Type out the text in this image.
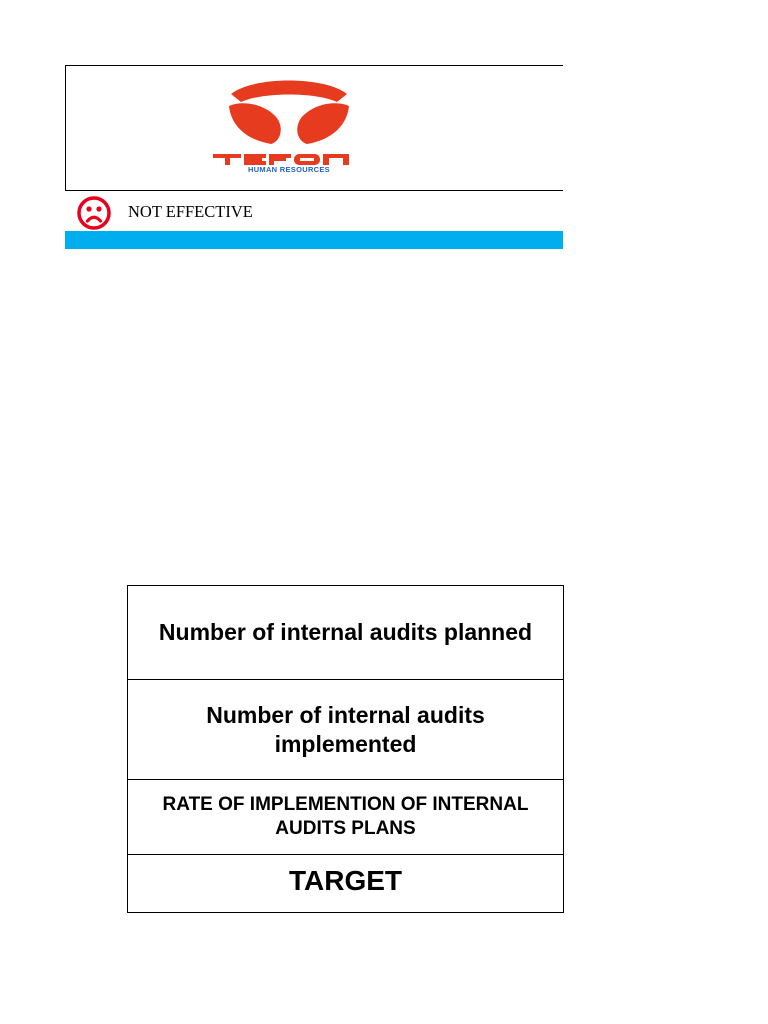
HUMAN RESOURCES
NOT EFFECTIVE
Number of internal audits planned
Number of internal audits implemented
RATE OF IMPLEMENTION OF INTERNAL AUDITS PLANS
TARGET
